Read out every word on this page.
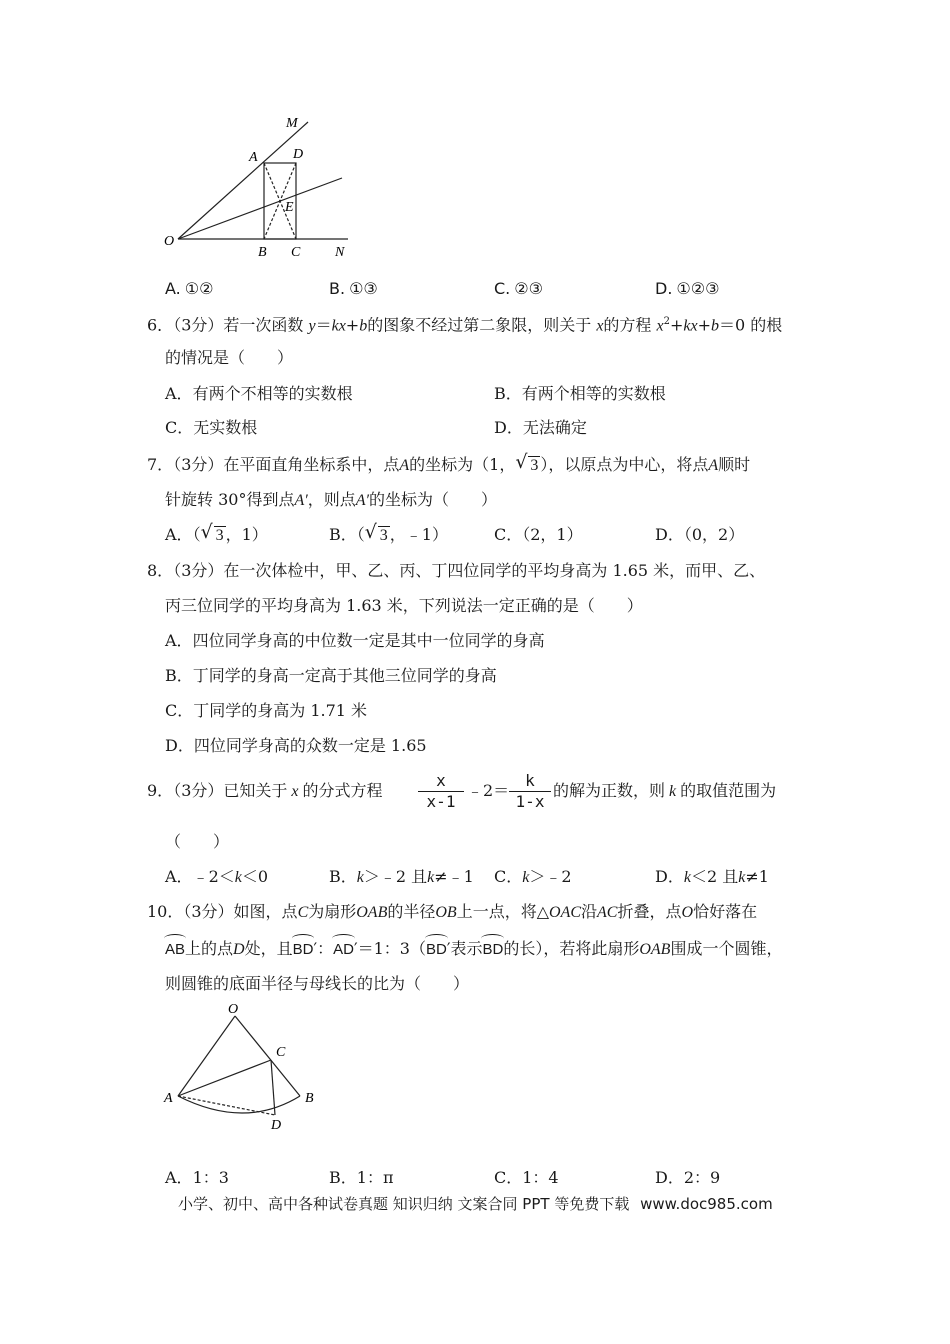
M
A	D
E
O
B C N
A. ①②	B. ①③	C. ②③	D. ①②③
6．（3分）若一次函数 y＝kx+b的图象不经过第二象限，则关于 x的方程 $x^2+kx+b=0$ 的根
的情况是（　　）
A．有两个不相等的实数根	B．有两个相等的实数根
C．无实数根	D．无法确定
7．（3分）在平面直角坐标系中，点A的坐标为（1， √ 3 ），以原点为中心，将点A顺时
针旋转 30°得到点A′，则点A′的坐标为（　　）
A．（ √ 3 ，1）	B．（ √ 3 ，﹣1）	C．（2，1）	D．（0，2）
8．（3分）在一次体检中，甲、乙、丙、丁四位同学的平均身高为 1.65 米，而甲、乙、
丙三位同学的平均身高为 1.63 米，下列说法一定正确的是（　　）
A．四位同学身高的中位数一定是其中一位同学的身高
B．丁同学的身高一定高于其他三位同学的身高
C．丁同学的身高为 1.71 米
D．四位同学身高的众数一定是 1.65
9．（3分）已知关于 x 的分式方程
x
x-1
﹣2＝
k
1-x
的解为正数，则 k 的取值范围为
（　　）
A．﹣2＜k＜0	B．k＞﹣2 且k≠﹣1 C．k＞﹣2	D．k＜2 且k≠1
10．（3分）如图，点C为扇形OAB的半径OB上一点，将△OAC沿AC折叠，点O恰好落在
AB上的点D处，且BD′：AD′＝1：3（BD′表示BD的长），若将此扇形OAB围成一个圆锥，
则圆锥的底面半径与母线长的比为（　　）
O
C
A	B
D
A．1：3	B．1：π	C．1：4	D．2：9
小学、初中、高中各种试卷真题 知识归纳 文案合同 PPT 等免费下载 www.doc985.com
